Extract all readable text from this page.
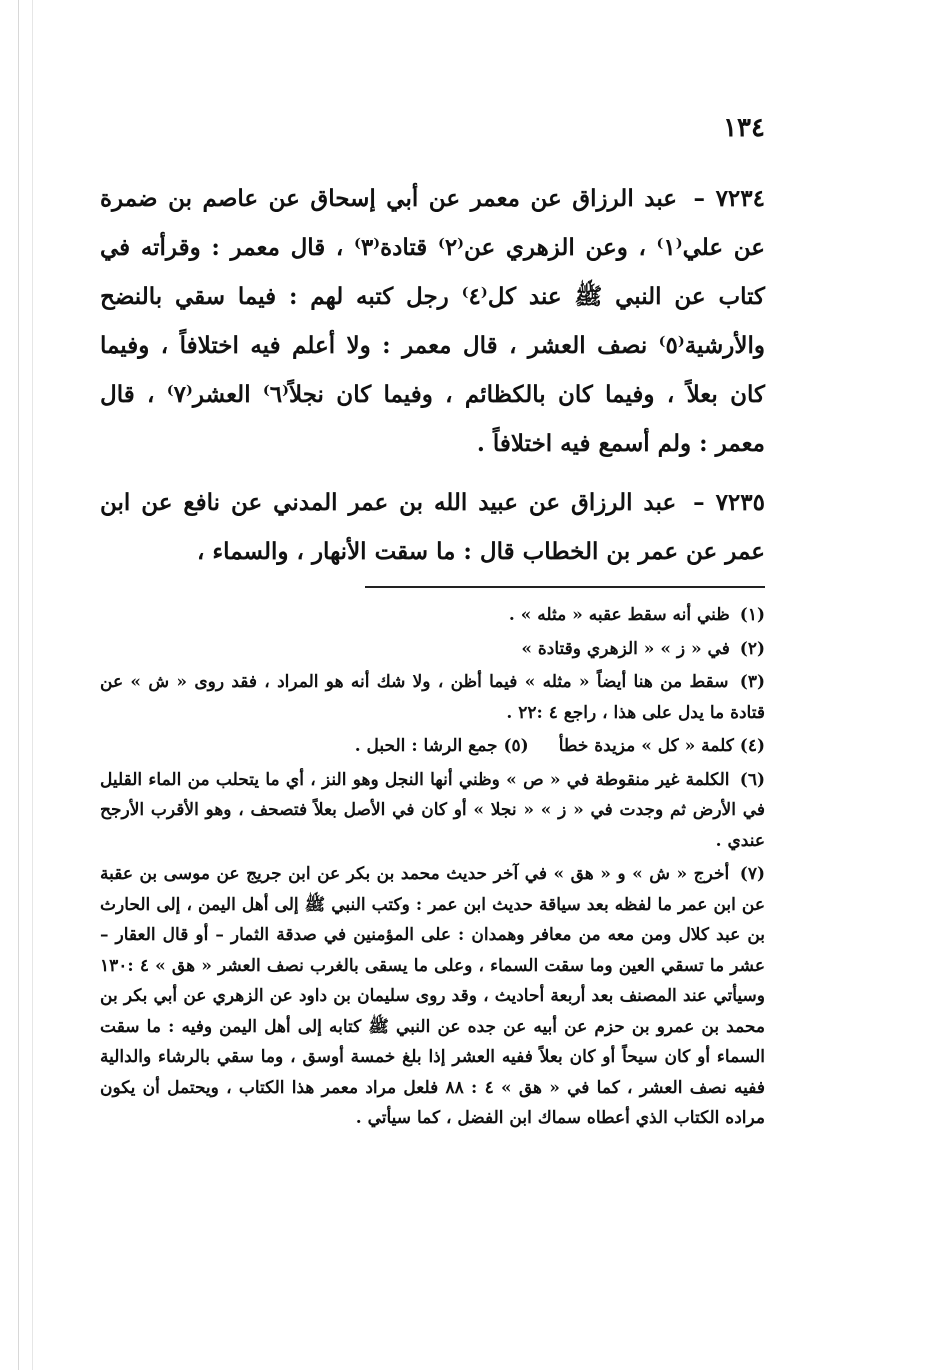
١٣٤

٧٢٣٤ – عبد الرزاق عن معمر عن أبي إسحاق عن عاصم بن ضمرة عن علي⁽١⁾ ، وعن الزهري عن⁽٢⁾ قتادة⁽٣⁾ ، قال معمر : وقرأته في كتاب عن النبي ﷺ عند كل⁽٤⁾ رجل كتبه لهم : فيما سقي بالنضح والأرشية⁽٥⁾ نصف العشر ، قال معمر : ولا أعلم فيه اختلافاً ، وفيما كان بعلاً ، وفيما كان بالكظائم ، وفيما كان نجلاً⁽٦⁾ العشر⁽٧⁾ ، قال معمر : ولم أسمع فيه اختلافاً .

٧٢٣٥ – عبد الرزاق عن عبيد الله بن عمر المدني عن نافع عن ابن عمر عن عمر بن الخطاب قال : ما سقت الأنهار ، والسماء ،

(١) ظني أنه سقط عقبه « مثله » .

(٢) في « ز » « الزهري وقتادة »

(٣) سقط من هنا أيضاً « مثله » فيما أظن ، ولا شك أنه هو المراد ، فقد روى « ش » عن قتادة ما يدل على هذا ، راجع ٤ :٢٢ .

(٤) كلمة « كل » مزيدة خطأ
(٥) جمع الرشا : الحبل .

(٦) الكلمة غير منقوطة في « ص » وظني أنها النجل وهو النز ، أي ما يتحلب من الماء القليل في الأرض ثم وجدت في « ز » « نجلا » أو كان في الأصل بعلاً فتصحف ، وهو الأقرب الأرجح عندي .

(٧) أخرج « ش » و « هق » في آخر حديث محمد بن بكر عن ابن جريج عن موسى بن عقبة عن ابن عمر ما لفظه بعد سياقة حديث ابن عمر : وكتب النبي ﷺ إلى أهل اليمن ، إلى الحارث بن عبد كلال ومن معه من معافر وهمدان : على المؤمنين في صدقة الثمار – أو قال العقار – عشر ما تسقي العين وما سقت السماء ، وعلى ما يسقى بالغرب نصف العشر « هق » ٤ :١٣٠ وسيأتي عند المصنف بعد أربعة أحاديث ، وقد روى سليمان بن داود عن الزهري عن أبي بكر بن محمد بن عمرو بن حزم عن أبيه عن جده عن النبي ﷺ كتابه إلى أهل اليمن وفيه : ما سقت السماء أو كان سيحاً أو كان بعلاً ففيه العشر إذا بلغ خمسة أوسق ، وما سقي بالرشاء والدالية ففيه نصف العشر ، كما في « هق » ٤ : ٨٨ فلعل مراد معمر هذا الكتاب ، ويحتمل أن يكون مراده الكتاب الذي أعطاه سماك ابن الفضل ، كما سيأتي .
